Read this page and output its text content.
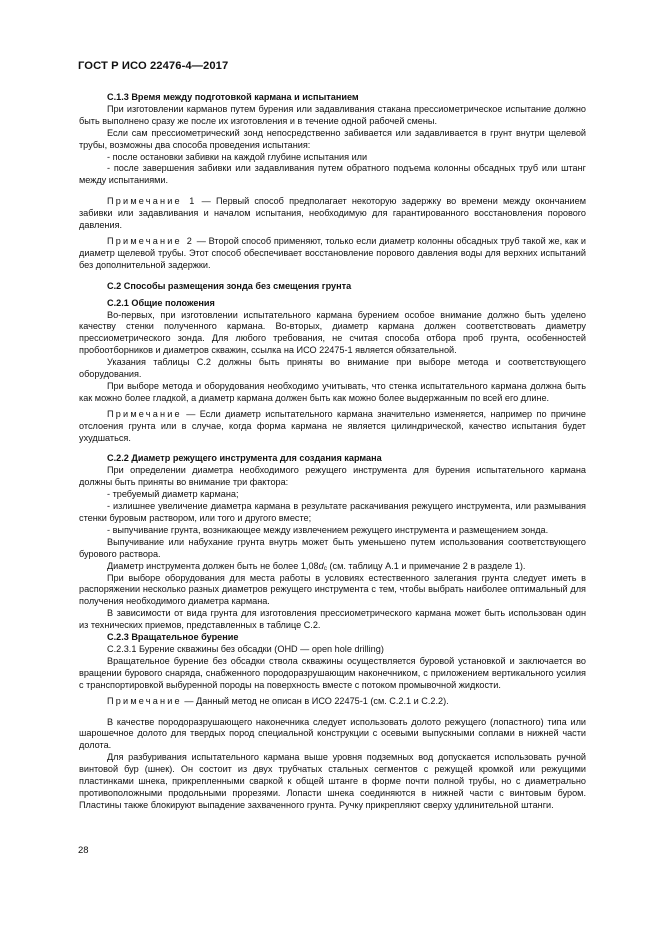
ГОСТ Р ИСО 22476-4—2017

С.1.3 Время между подготовкой кармана и испытанием

При изготовлении карманов путем бурения или задавливания стакана прессиометрическое испытание должно быть выполнено сразу же после их изготовления и в течение одной рабочей смены.

Если сам прессиометрический зонд непосредственно забивается или задавливается в грунт внутри щелевой трубы, возможны два способа проведения испытания:

- после остановки забивки на каждой глубине испытания или

- после завершения забивки или задавливания путем обратного подъема колонны обсадных труб или штанг между испытаниями.

Примечание 1 — Первый способ предполагает некоторую задержку во времени между окончанием забивки или задавливания и началом испытания, необходимую для гарантированного восстановления порового давления.

Примечание 2 — Второй способ применяют, только если диаметр колонны обсадных труб такой же, как и диаметр щелевой трубы. Этот способ обеспечивает восстановление порового давления воды для верхних испытаний без дополнительной задержки.

С.2 Способы размещения зонда без смещения грунта

С.2.1 Общие положения

Во-первых, при изготовлении испытательного кармана бурением особое внимание должно быть уделено качеству стенки полученного кармана. Во-вторых, диаметр кармана должен соответствовать диаметру прессиометрического зонда. Для любого требования, не считая способа отбора проб грунта, особенностей пробоотборников и диаметров скважин, ссылка на ИСО 22475-1 является обязательной.

Указания таблицы С.2 должны быть приняты во внимание при выборе метода и соответствующего оборудования.

При выборе метода и оборудования необходимо учитывать, что стенка испытательного кармана должна быть как можно более гладкой, а диаметр кармана должен быть как можно более выдержанным по всей его длине.

Примечание — Если диаметр испытательного кармана значительно изменяется, например по причине отслоения грунта или в случае, когда форма кармана не является цилиндрической, качество испытания будет ухудшаться.

С.2.2 Диаметр режущего инструмента для создания кармана

При определении диаметра необходимого режущего инструмента для бурения испытательного кармана должны быть приняты во внимание три фактора:

- требуемый диаметр кармана;

- излишнее увеличение диаметра кармана в результате раскачивания режущего инструмента, или размывания стенки буровым раствором, или того и другого вместе;

- выпучивание грунта, возникающее между извлечением режущего инструмента и размещением зонда.

Выпучивание или набухание грунта внутрь может быть уменьшено путем использования соответствующего бурового раствора.

Диаметр инструмента должен быть не более $1,08d_c$ (см. таблицу А.1 и примечание 2 в разделе 1).

При выборе оборудования для места работы в условиях естественного залегания грунта следует иметь в распоряжении несколько разных диаметров режущего инструмента с тем, чтобы выбрать наиболее оптимальный для получения необходимого диаметра кармана.

В зависимости от вида грунта для изготовления прессиометрического кармана может быть использован один из технических приемов, представленных в таблице С.2.

С.2.3 Вращательное бурение

С.2.3.1 Бурение скважины без обсадки (OHD — open hole drilling)

Вращательное бурение без обсадки ствола скважины осуществляется буровой установкой и заключается во вращении бурового снаряда, снабженного породоразрушающим наконечником, с приложением вертикального усилия с транспортировкой выбуренной породы на поверхность вместе с потоком промывочной жидкости.

Примечание — Данный метод не описан в ИСО 22475-1 (см. С.2.1 и С.2.2).

В качестве породоразрушающего наконечника следует использовать долото режущего (лопастного) типа или шарошечное долото для твердых пород специальной конструкции с осевыми выпускными соплами в нижней части долота.

Для разбуривания испытательного кармана выше уровня подземных вод допускается использовать ручной винтовой бур (шнек). Он состоит из двух трубчатых стальных сегментов с режущей кромкой или режущими пластинками шнека, прикрепленными сваркой к общей штанге в форме почти полной трубы, но с диаметрально противоположными продольными прорезями. Лопасти шнека соединяются в нижней части с винтовым буром. Пластины также блокируют выпадение захваченного грунта. Ручку прикрепляют сверху удлинительной штанги.

28
